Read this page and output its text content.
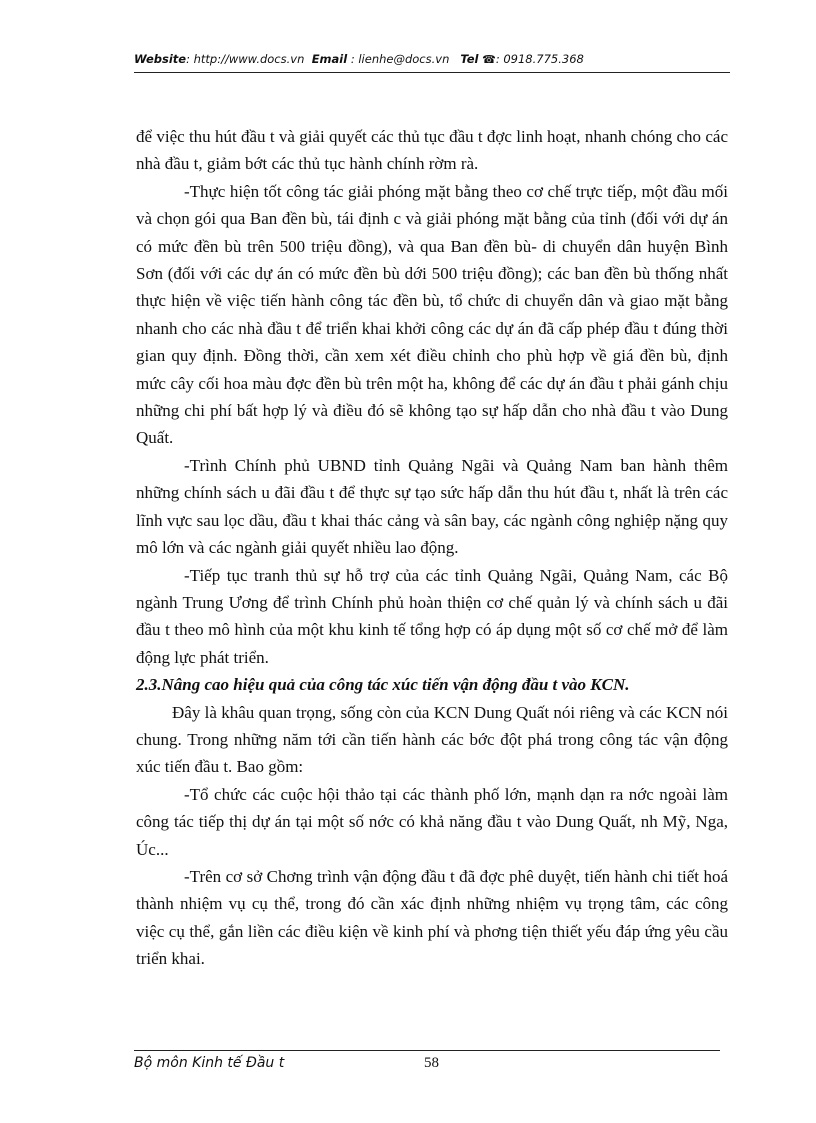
Website: http://www.docs.vn Email : lienhe@docs.vn Tel ☎: 0918.775.368

để việc thu hút đầu t và giải quyết các thủ tục đầu t đợc linh hoạt, nhanh chóng cho các nhà đầu t, giảm bớt các thủ tục hành chính rờm rà.

-Thực hiện tốt công tác giải phóng mặt bằng theo cơ chế trực tiếp, một đầu mối và chọn gói qua Ban đền bù, tái định c và giải phóng mặt bằng của tỉnh (đối với dự án có mức đền bù trên 500 triệu đồng), và qua Ban đền bù- di chuyển dân huyện Bình Sơn (đối với các dự án có mức đền bù dới 500 triệu đồng); các ban đền bù thống nhất thực hiện về việc tiến hành công tác đền bù, tổ chức di chuyển dân và giao mặt bằng nhanh cho các nhà đầu t để triển khai khởi công các dự án đã cấp phép đầu t đúng thời gian quy định. Đồng thời, cần xem xét điều chỉnh cho phù hợp về giá đền bù, định mức cây cối hoa màu đợc đền bù trên một ha, không để các dự án đầu t phải gánh chịu những chi phí bất hợp lý và điều đó sẽ không tạo sự hấp dẫn cho nhà đầu t vào Dung Quất.

-Trình Chính phủ UBND tỉnh Quảng Ngãi và Quảng Nam ban hành thêm những chính sách u đãi đầu t để thực sự tạo sức hấp dẫn thu hút đầu t, nhất là trên các lĩnh vực sau lọc dầu, đầu t khai thác cảng và sân bay, các ngành công nghiệp nặng quy mô lớn và các ngành giải quyết nhiều lao động.

-Tiếp tục tranh thủ sự hỗ trợ của các tỉnh Quảng Ngãi, Quảng Nam, các Bộ ngành Trung Ương để trình Chính phủ hoàn thiện cơ chế quản lý và chính sách u đãi đầu t theo mô hình của một khu kinh tế tổng hợp có áp dụng một số cơ chế mở để làm động lực phát triển.

2.3.Nâng cao hiệu quả của công tác xúc tiến vận động đầu t vào KCN.

Đây là khâu quan trọng, sống còn của KCN Dung Quất nói riêng và các KCN nói chung. Trong những năm tới cần tiến hành các bớc đột phá trong công tác vận động xúc tiến đầu t. Bao gồm:

-Tổ chức các cuộc hội thảo tại các thành phố lớn, mạnh dạn ra nớc ngoài làm công tác tiếp thị dự án tại một số nớc có khả năng đầu t vào Dung Quất, nh Mỹ, Nga, Úc...

-Trên cơ sở Chơng trình vận động đầu t đã đợc phê duyệt, tiến hành chi tiết hoá thành nhiệm vụ cụ thể, trong đó cần xác định những nhiệm vụ trọng tâm, các công việc cụ thể, gắn liền các điều kiện về kinh phí và phơng tiện thiết yếu đáp ứng yêu cầu triển khai.

Bộ môn Kinh tế Đầu t	58
